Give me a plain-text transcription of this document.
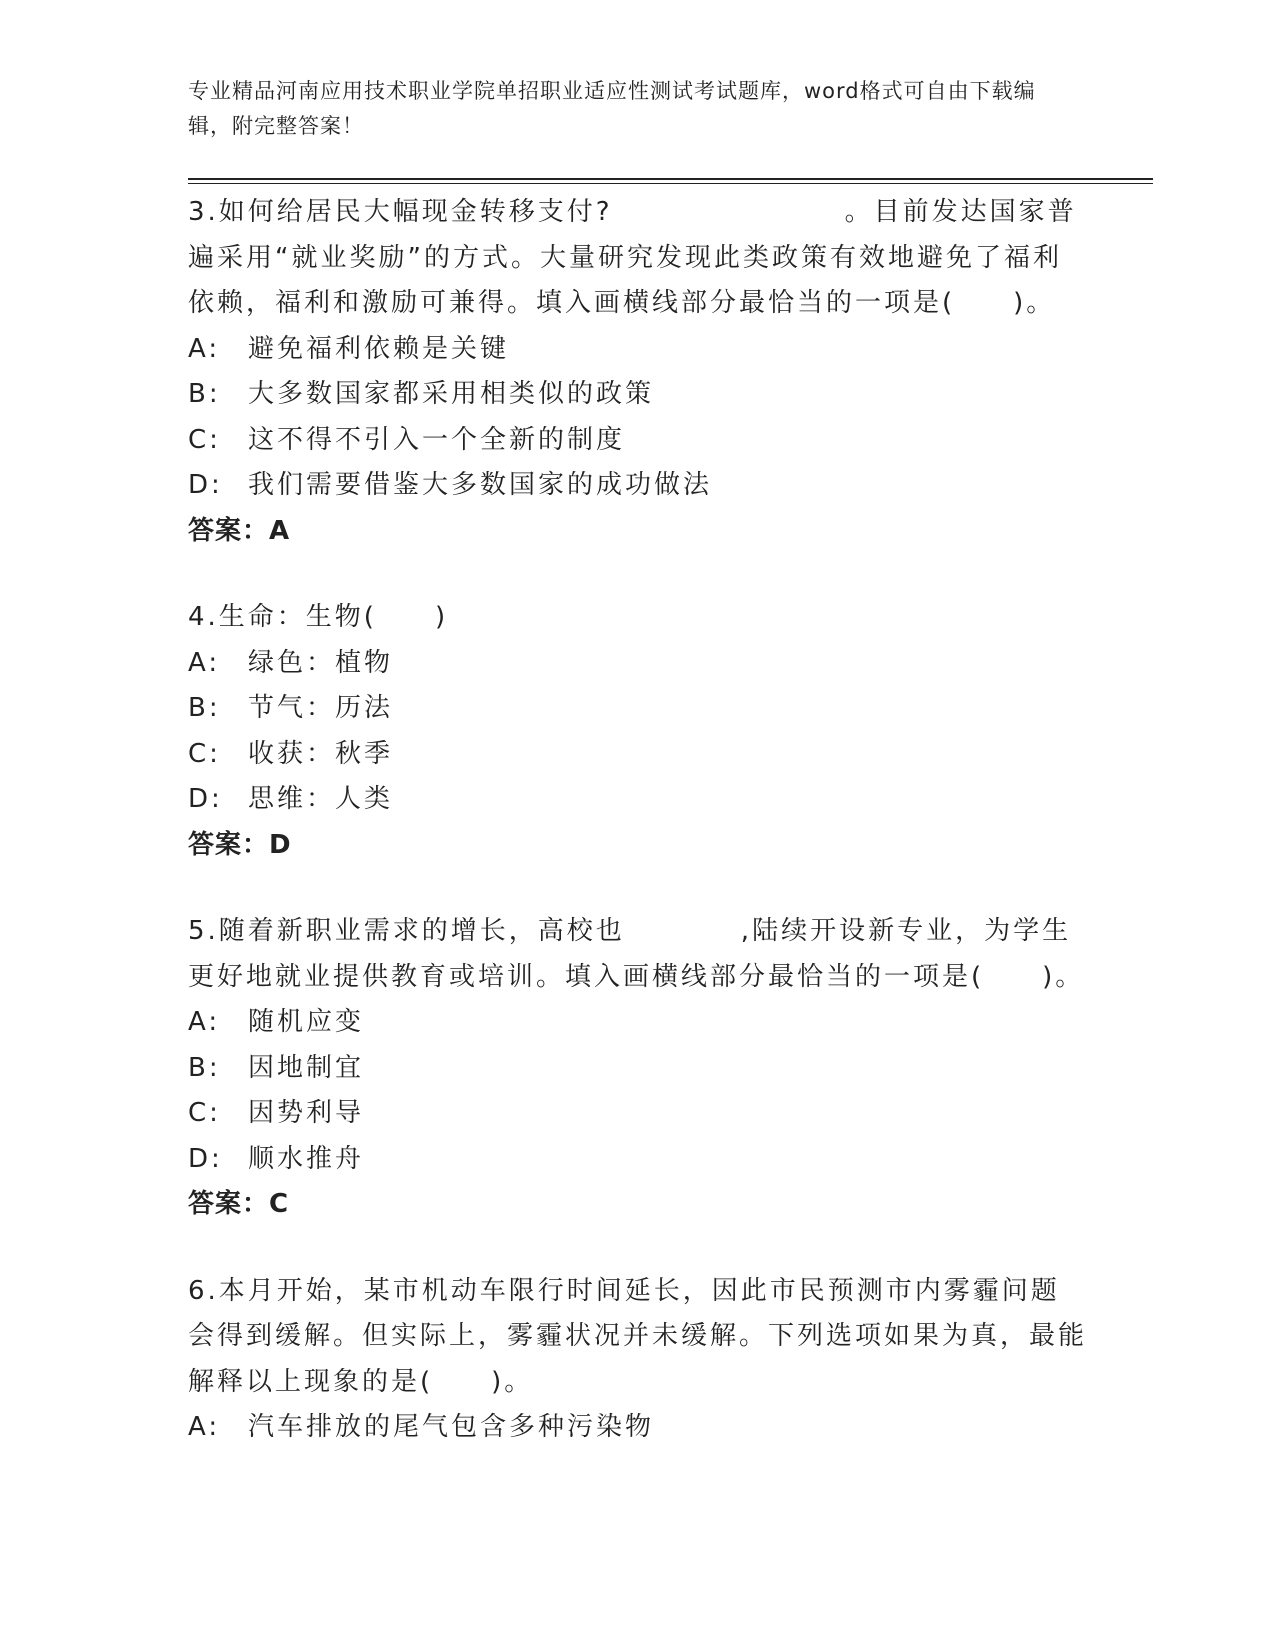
专业精品河南应用技术职业学院单招职业适应性测试考试题库，word格式可自由下载编辑，附完整答案！
3.如何给居民大幅现金转移支付?　　　　　　　　。目前发达国家普遍采用“就业奖励”的方式。大量研究发现此类政策有效地避免了福利依赖，福利和激励可兼得。填入画横线部分最恰当的一项是(　　)。
A:	避免福利依赖是关键
B:	大多数国家都采用相类似的政策
C:	这不得不引入一个全新的制度
D: 我们需要借鉴大多数国家的成功做法
答案：A
4.生命：生物(　　)
A:	绿色：植物
B:	节气：历法
C:	收获：秋季
D: 思维：人类
答案：D
5.随着新职业需求的增长，高校也　　　　,陆续开设新专业，为学生更好地就业提供教育或培训。填入画横线部分最恰当的一项是(　　)。
A:	随机应变
B:	因地制宜
C:	因势利导
D: 顺水推舟
答案：C
6.本月开始，某市机动车限行时间延长，因此市民预测市内雾霾问题会得到缓解。但实际上，雾霾状况并未缓解。下列选项如果为真，最能解释以上现象的是(　　)。
A:	汽车排放的尾气包含多种污染物
